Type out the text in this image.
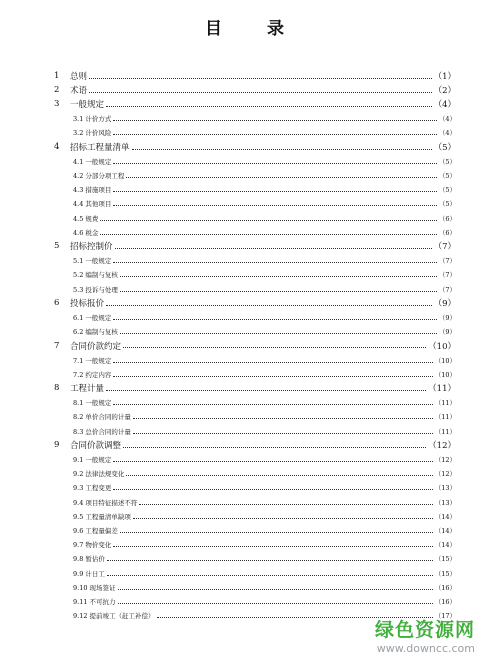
目　录
1	总则	（1）
2	术语	（2）
3	一般规定	（4）
3.1 计价方式	（4）
3.2 计价风险	（4）
4	招标工程量清单	（5）
4.1 一般规定	（5）
4.2 分部分项工程	（5）
4.3 措施项目	（5）
4.4 其他项目	（5）
4.5 规费	（6）
4.6 税金	（6）
5	招标控制价	（7）
5.1 一般规定	（7）
5.2 编制与复核	（7）
5.3 投诉与处理	（7）
6	投标报价	（9）
6.1 一般规定	（9）
6.2 编制与复核	（9）
7	合同价款约定	（10）
7.1 一般规定	（10）
7.2 约定内容	（10）
8	工程计量	（11）
8.1 一般规定	（11）
8.2 单价合同的计量	（11）
8.3 总价合同的计量	（11）
9	合同价款调整	（12）
9.1 一般规定	（12）
9.2 法律法规变化	（12）
9.3 工程变更	（13）
9.4 项目特征描述不符	（13）
9.5 工程量清单缺项	（14）
9.6 工程量偏差	（14）
9.7 物价变化	（14）
9.8 暂估价	（15）
9.9 计日工	（15）
9.10 现场签证	（16）
9.11 不可抗力	（16）
9.12 提前竣工（赶工补偿）	（17）
绿色资源网
www.downcc.com
